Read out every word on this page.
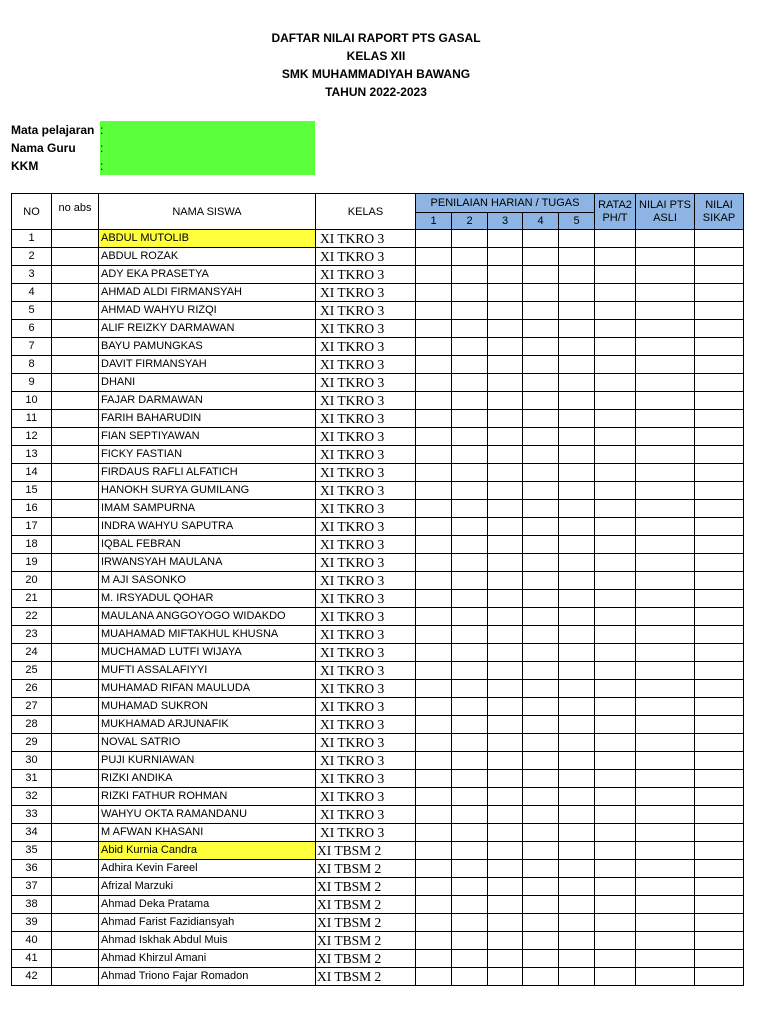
DAFTAR NILAI RAPORT PTS GASAL
KELAS XII
SMK MUHAMMADIYAH BAWANG
TAHUN 2022-2023
Mata pelajaran :
Nama Guru :
KKM	:
NO	no abs	NAMA SISWA	KELAS	PENILAIAN HARIAN / TUGAS					RATA2 PH/T	NILAI PTS ASLI	NILAI SIKAP
				1	2	3	4	5			
1		ABDUL MUTOLIB	XI TKRO 3								
2		ABDUL ROZAK	XI TKRO 3								
3		ADY EKA PRASETYA	XI TKRO 3								
4		AHMAD ALDI FIRMANSYAH	XI TKRO 3								
5		AHMAD WAHYU RIZQI	XI TKRO 3								
6		ALIF REIZKY DARMAWAN	XI TKRO 3								
7		BAYU PAMUNGKAS	XI TKRO 3								
8		DAVIT FIRMANSYAH	XI TKRO 3								
9		DHANI	XI TKRO 3								
10		FAJAR DARMAWAN	XI TKRO 3								
11		FARIH BAHARUDIN	XI TKRO 3								
12		FIAN SEPTIYAWAN	XI TKRO 3								
13		FICKY FASTIAN	XI TKRO 3								
14		FIRDAUS RAFLI ALFATICH	XI TKRO 3								
15		HANOKH SURYA GUMILANG	XI TKRO 3								
16		IMAM SAMPURNA	XI TKRO 3								
17		INDRA WAHYU SAPUTRA	XI TKRO 3								
18		IQBAL FEBRAN	XI TKRO 3								
19		IRWANSYAH MAULANA	XI TKRO 3								
20		M AJI SASONKO	XI TKRO 3								
21		M. IRSYADUL QOHAR	XI TKRO 3								
22		MAULANA ANGGOYOGO WIDAKDO	XI TKRO 3								
23		MUAHAMAD MIFTAKHUL KHUSNA	XI TKRO 3								
24		MUCHAMAD LUTFI WIJAYA	XI TKRO 3								
25		MUFTI ASSALAFIYYI	XI TKRO 3								
26		MUHAMAD RIFAN MAULUDA	XI TKRO 3								
27		MUHAMAD SUKRON	XI TKRO 3								
28		MUKHAMAD ARJUNAFIK	XI TKRO 3								
29		NOVAL SATRIO	XI TKRO 3								
30		PUJI KURNIAWAN	XI TKRO 3								
31		RIZKI ANDIKA	XI TKRO 3								
32		RIZKI FATHUR ROHMAN	XI TKRO 3								
33		WAHYU OKTA RAMANDANU	XI TKRO 3								
34		M AFWAN KHASANI	XI TKRO 3								
35		Abid Kurnia Candra	XI TBSM 2								
36		Adhira Kevin Fareel	XI TBSM 2								
37		Afrizal Marzuki	XI TBSM 2								
38		Ahmad Deka Pratama	XI TBSM 2								
39		Ahmad Farist Fazidiansyah	XI TBSM 2								
40		Ahmad Iskhak Abdul Muis	XI TBSM 2								
41		Ahmad Khirzul Amani	XI TBSM 2								
42		Ahmad Triono Fajar Romadon	XI TBSM 2								
